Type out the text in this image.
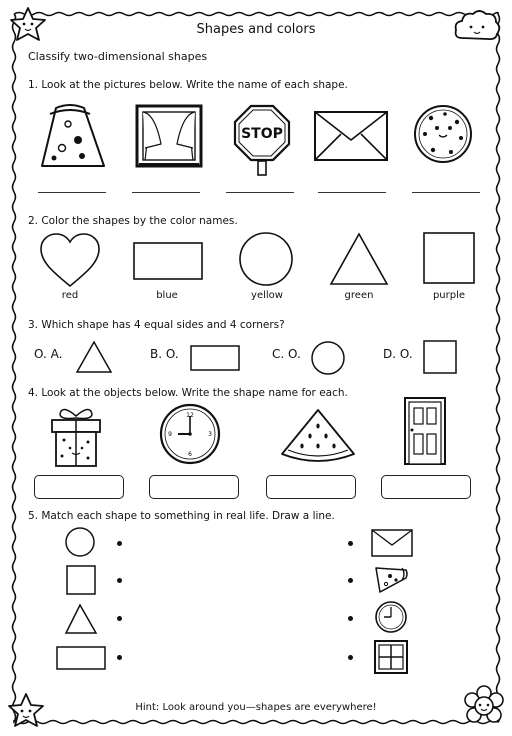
Shapes and colors
Classify two-dimensional shapes
1. Look at the pictures below. Write the name of each shape.
STOP
2. Color the shapes by the color names.
red	blue	yellow	green	purple
3. Which shape has 4 equal sides and 4 corners?
O. A.	B. O.	C. O.	D. O.
4. Look at the objects below. Write the shape name for each.
12
3
6
9
5. Match each shape to something in real life. Draw a line.
Hint: Look around you—shapes are everywhere!
